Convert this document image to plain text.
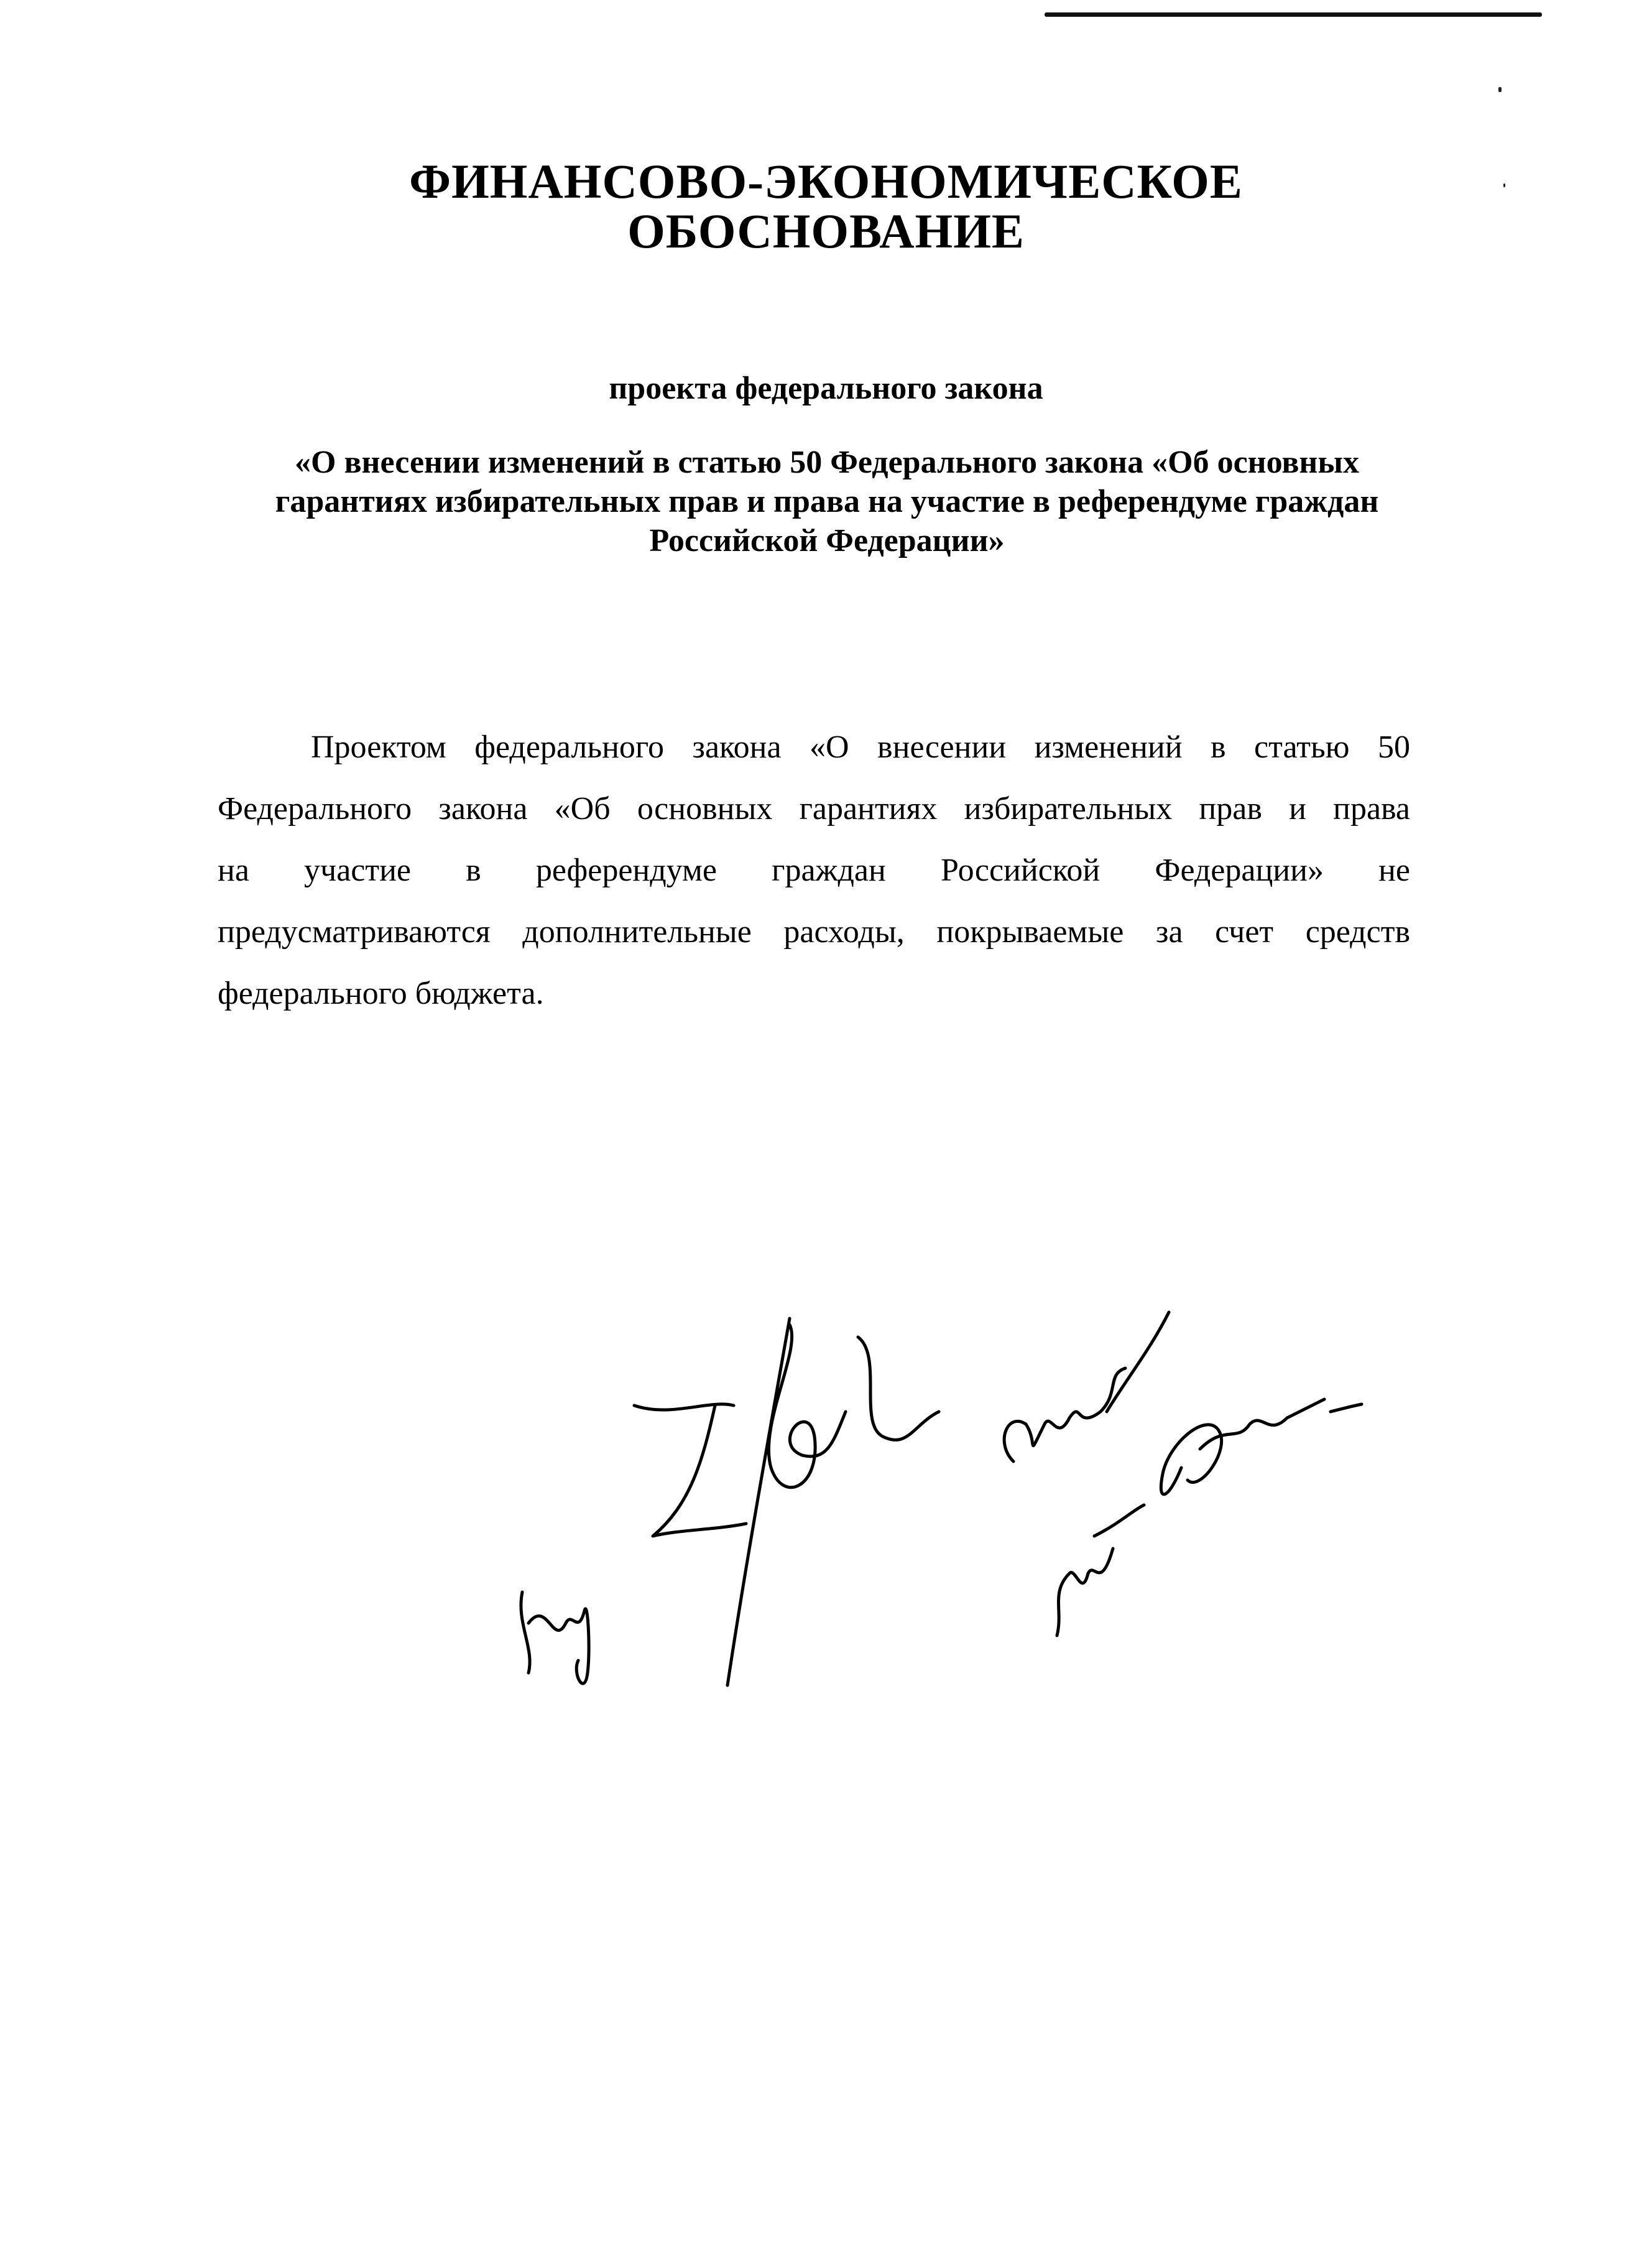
ФИНАНСОВО-ЭКОНОМИЧЕСКОЕ
ОБОСНОВАНИЕ
проекта федерального закона
«О внесении изменений в статью 50 Федерального закона «Об основных гарантиях избирательных прав и права на участие в референдуме граждан Российской Федерации»
Проектом федерального закона «О внесении изменений в статью 50
Федерального закона «Об основных гарантиях избирательных прав и права
на участие в референдуме граждан Российской Федерации» не
предусматриваются дополнительные расходы, покрываемые за счет средств
федерального бюджета.
